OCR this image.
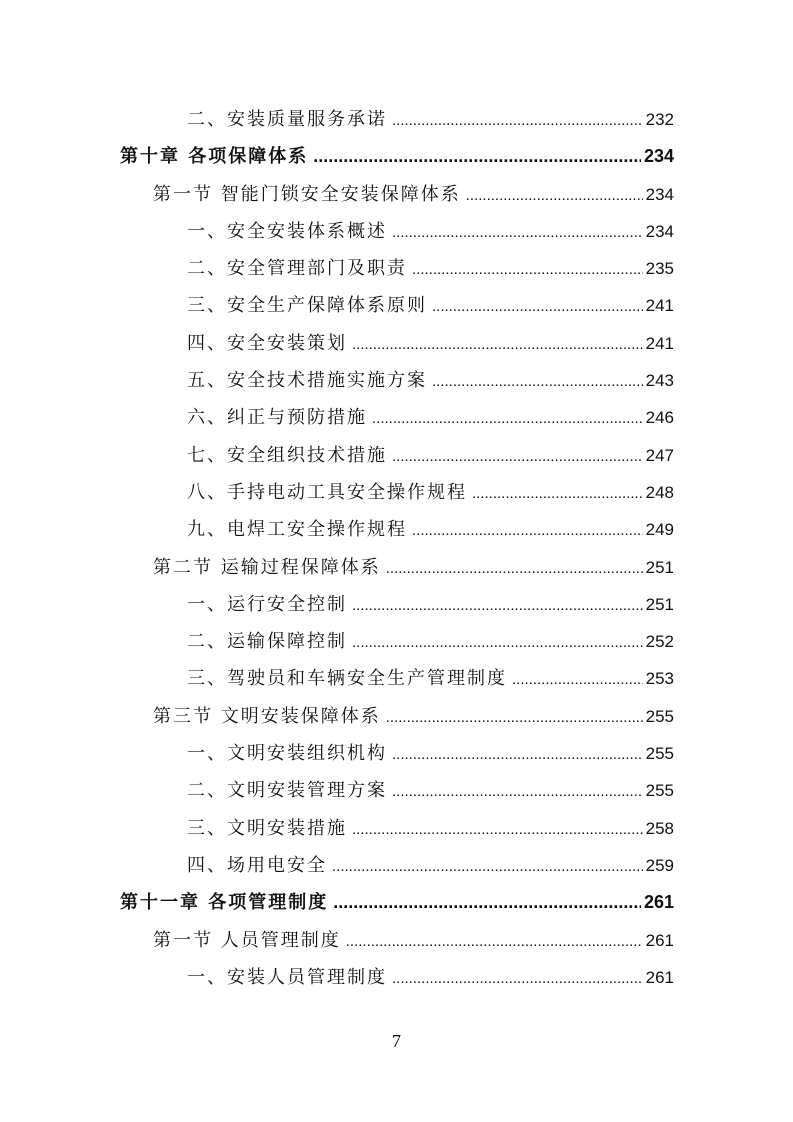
二、安装质量服务承诺 .....	232
第十章 各项保障体系 .....	234
第一节 智能门锁安全安装保障体系 .....	234
一、安全安装体系概述 .....	234
二、安全管理部门及职责 .....	235
三、安全生产保障体系原则 .....	241
四、安全安装策划 .....	241
五、安全技术措施实施方案 .....	243
六、纠正与预防措施 .....	246
七、安全组织技术措施 .....	247
八、手持电动工具安全操作规程 .....	248
九、电焊工安全操作规程 .....	249
第二节 运输过程保障体系 .....	251
一、运行安全控制 .....	251
二、运输保障控制 .....	252
三、驾驶员和车辆安全生产管理制度 .....	253
第三节 文明安装保障体系 .....	255
一、文明安装组织机构 .....	255
二、文明安装管理方案 .....	255
三、文明安装措施 .....	258
四、场用电安全 .....	259
第十一章 各项管理制度 .....	261
第一节 人员管理制度 .....	261
一、安装人员管理制度 .....	261
7
